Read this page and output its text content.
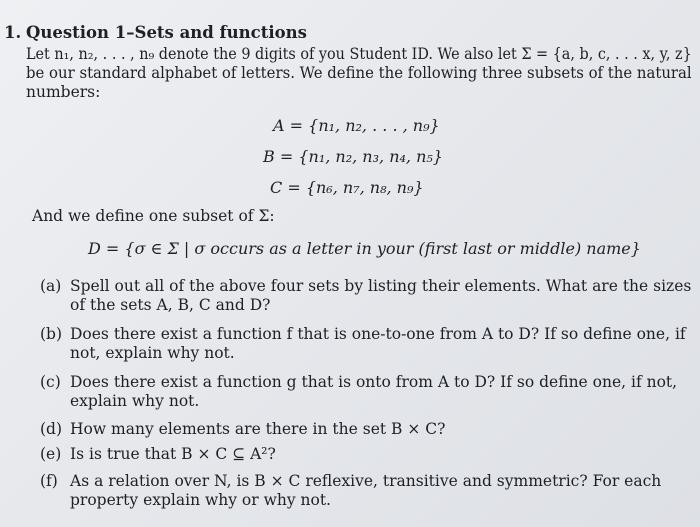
1. Question 1–Sets and functions
Let n₁, n₂, . . . , n₉ denote the 9 digits of you Student ID. We also let Σ = {a, b, c, . . . x, y, z}
be our standard alphabet of letters. We define the following three subsets of the natural
numbers:
A = {n₁, n₂, . . . , n₉}
B = {n₁, n₂, n₃, n₄, n₅}
C = {n₆, n₇, n₈, n₉}
And we define one subset of Σ:
D = {σ ∈ Σ | σ occurs as a letter in your (first last or middle) name}
(a) Spell out all of the above four sets by listing their elements. What are the sizes
of the sets A, B, C and D?
(b) Does there exist a function f that is one-to-one from A to D? If so define one, if
not, explain why not.
(c) Does there exist a function g that is onto from A to D? If so define one, if not,
explain why not.
(d) How many elements are there in the set B × C?
(e) Is is true that B × C ⊆ A²?
(f) As a relation over N, is B × C reflexive, transitive and symmetric? For each
property explain why or why not.
